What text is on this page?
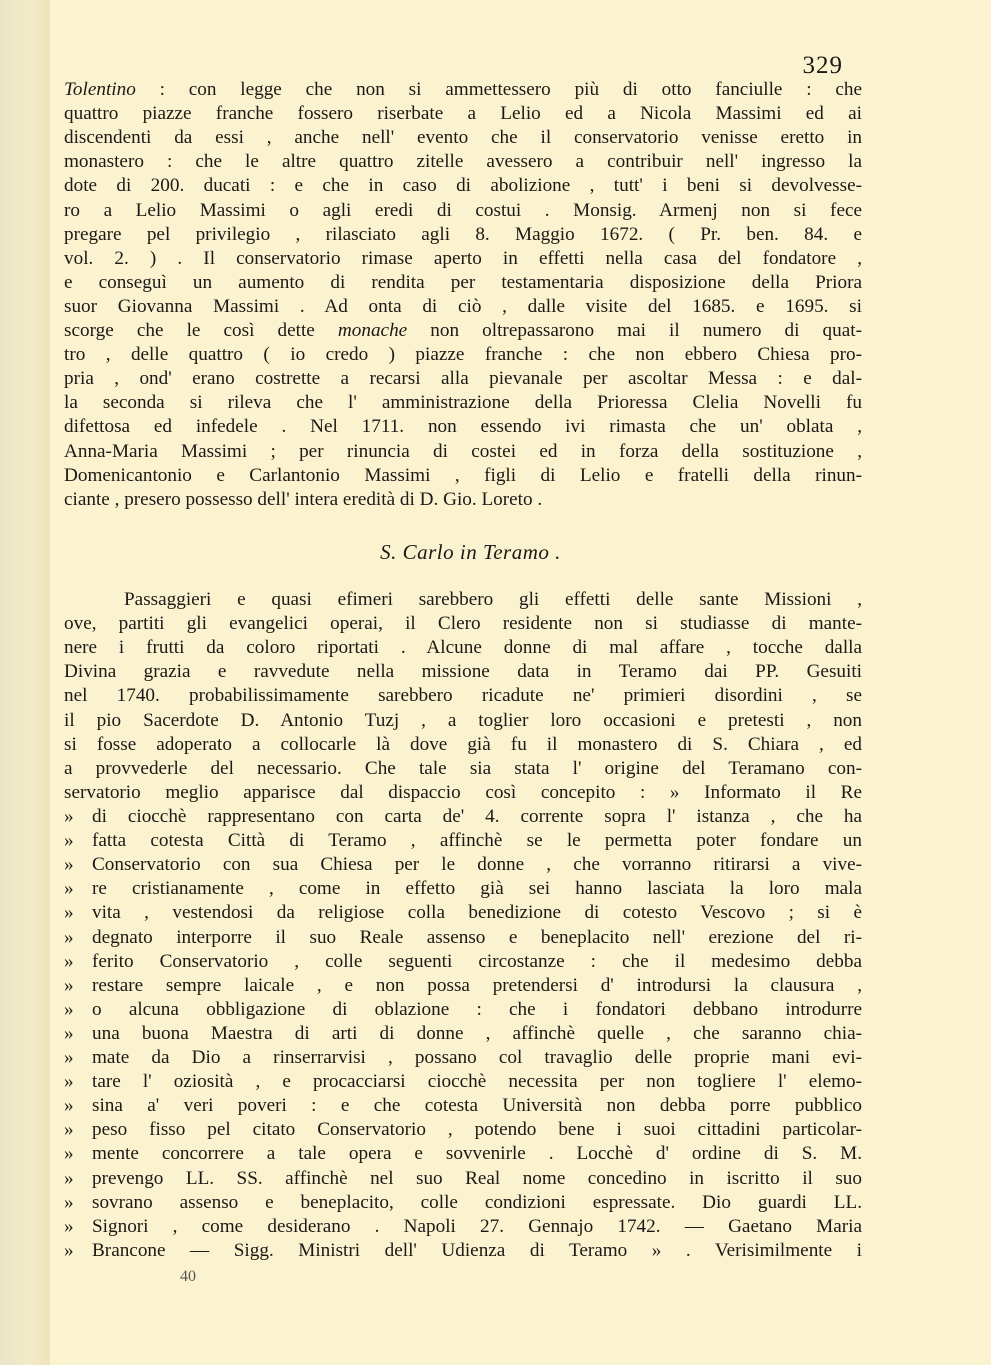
329
Tolentino : con legge che non si ammettessero più di otto fanciulle : che
quattro piazze franche fossero riserbate a Lelio ed a Nicola Massimi ed ai
discendenti da essi , anche nell' evento che il conservatorio venisse eretto in
monastero : che le altre quattro zitelle avessero a contribuir nell' ingresso la
dote di 200. ducati : e che in caso di abolizione , tutt' i beni si devolvesse-
ro a Lelio Massimi o agli eredi di costui . Monsig. Armenj non si fece
pregare pel privilegio , rilasciato agli 8. Maggio 1672. ( Pr. ben. 84. e
vol. 2. ) . Il conservatorio rimase aperto in effetti nella casa del fondatore ,
e conseguì un aumento di rendita per testamentaria disposizione della Priora
suor Giovanna Massimi . Ad onta di ciò , dalle visite del 1685. e 1695. si
scorge che le così dette monache non oltrepassarono mai il numero di quat-
tro , delle quattro ( io credo ) piazze franche : che non ebbero Chiesa pro-
pria , ond' erano costrette a recarsi alla pievanale per ascoltar Messa : e dal-
la seconda si rileva che l' amministrazione della Prioressa Clelia Novelli fu
difettosa ed infedele . Nel 1711. non essendo ivi rimasta che un' oblata ,
Anna-Maria Massimi ; per rinuncia di costei ed in forza della sostituzione ,
Domenicantonio e Carlantonio Massimi , figli di Lelio e fratelli della rinun-
ciante , presero possesso dell' intera eredità di D. Gio. Loreto .
S. Carlo in Teramo .
Passaggieri e quasi efimeri sarebbero gli effetti delle sante Missioni ,
ove, partiti gli evangelici operai, il Clero residente non si studiasse di mante-
nere i frutti da coloro riportati . Alcune donne di mal affare , tocche dalla
Divina grazia e ravvedute nella missione data in Teramo dai PP. Gesuiti
nel 1740. probabilissimamente sarebbero ricadute ne' primieri disordini , se
il pio Sacerdote D. Antonio Tuzj , a toglier loro occasioni e pretesti , non
si fosse adoperato a collocarle là dove già fu il monastero di S. Chiara , ed
a provvederle del necessario. Che tale sia stata l' origine del Teramano con-
servatorio meglio apparisce dal dispaccio così concepito : » Informato il Re
» di ciocchè rappresentano con carta de' 4. corrente sopra l' istanza , che ha
» fatta cotesta Città di Teramo , affinchè se le permetta poter fondare un
» Conservatorio con sua Chiesa per le donne , che vorranno ritirarsi a vive-
» re cristianamente , come in effetto già sei hanno lasciata la loro mala
» vita , vestendosi da religiose colla benedizione di cotesto Vescovo ; si è
» degnato interporre il suo Reale assenso e beneplacito nell' erezione del ri-
» ferito Conservatorio , colle seguenti circostanze : che il medesimo debba
» restare sempre laicale , e non possa pretendersi d' introdursi la clausura ,
» o alcuna obbligazione di oblazione : che i fondatori debbano introdurre
» una buona Maestra di arti di donne , affinchè quelle , che saranno chia-
» mate da Dio a rinserrarvisi , possano col travaglio delle proprie mani evi-
» tare l' oziosità , e procacciarsi ciocchè necessita per non togliere l' elemo-
» sina a' veri poveri : e che cotesta Università non debba porre pubblico
» peso fisso pel citato Conservatorio , potendo bene i suoi cittadini particolar-
» mente concorrere a tale opera e sovvenirle . Locchè d' ordine di S. M.
» prevengo LL. SS. affinchè nel suo Real nome concedino in iscritto il suo
» sovrano assenso e beneplacito, colle condizioni espressate. Dio guardi LL.
» Signori , come desiderano . Napoli 27. Gennajo 1742. — Gaetano Maria
» Brancone — Sigg. Ministri dell' Udienza di Teramo » . Verisimilmente i
40
